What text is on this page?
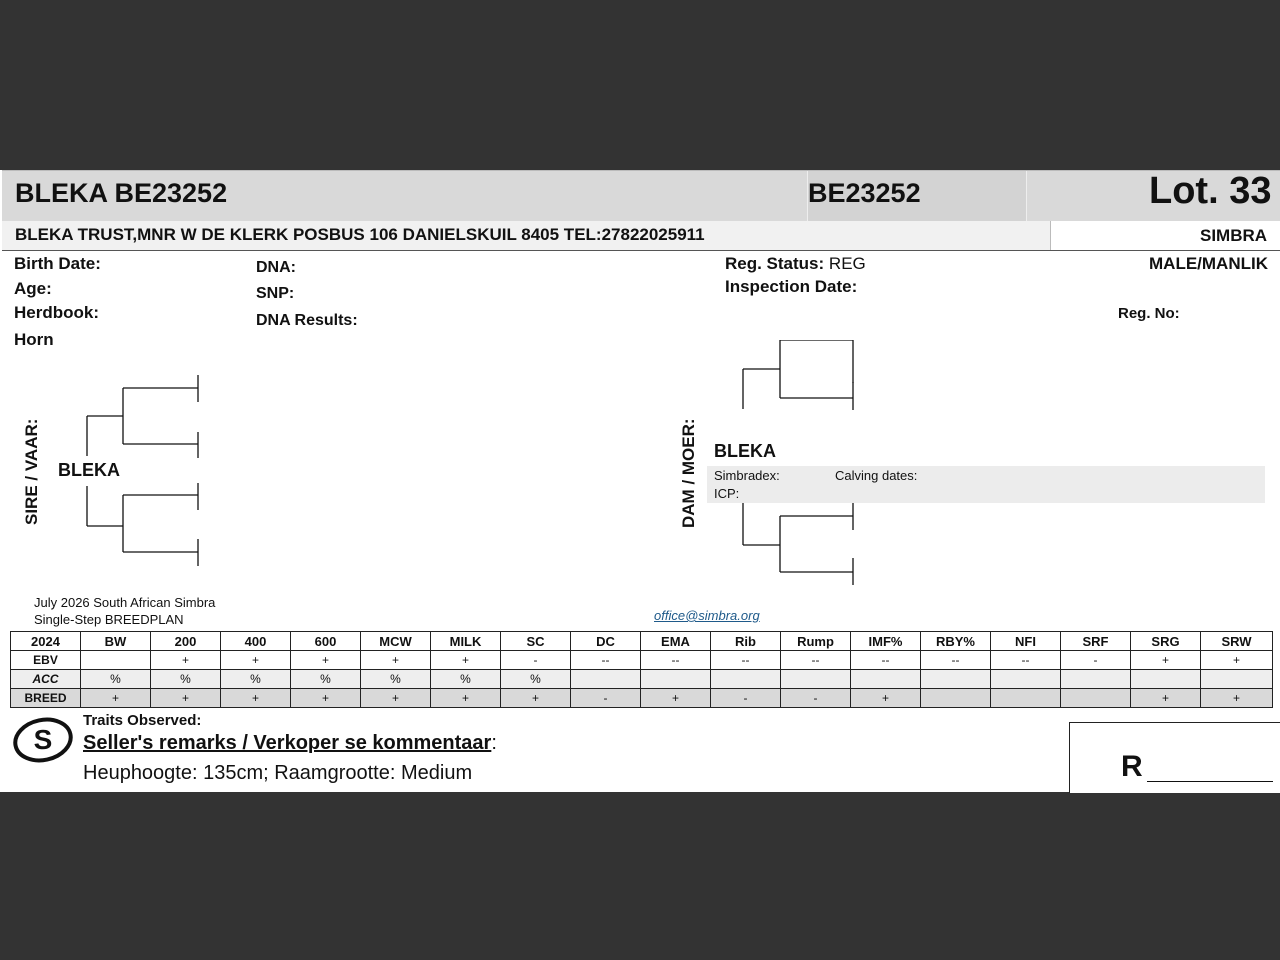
BLEKA BE23252	BE23252	Lot. 33
BLEKA TRUST,MNR W DE KLERK POSBUS 106 DANIELSKUIL 8405 TEL:27822025911	SIMBRA
Birth Date:
Age:
Herdbook:
Horn
DNA:
SNP:
DNA Results:
Reg. Status: REG
Inspection Date:
MALE/MANLIK
Reg. No:
SIRE / VAAR: BLEKA	DAM / MOER: BLEKA
Simbradex:	Calving dates:
ICP:
July 2026 South African Simbra
Single-Step BREEDPLAN	office@simbra.org
2024	BW	200	400	600	MCW	MILK	SC	DC	EMA	Rib	Rump	IMF%	RBY%	NFI	SRF	SRG	SRW
EBV		+	+	+	+	+	-	--	--	--	--	--	--	--	-	+	+
ACC	%	%	%	%	%	%	%										
BREED	+	+	+	+	+	+	+	-	+	-	-	+				+	+
S
Traits Observed:
Seller's remarks / Verkoper se kommentaar:
Heuphoogte: 135cm; Raamgrootte: Medium	R
